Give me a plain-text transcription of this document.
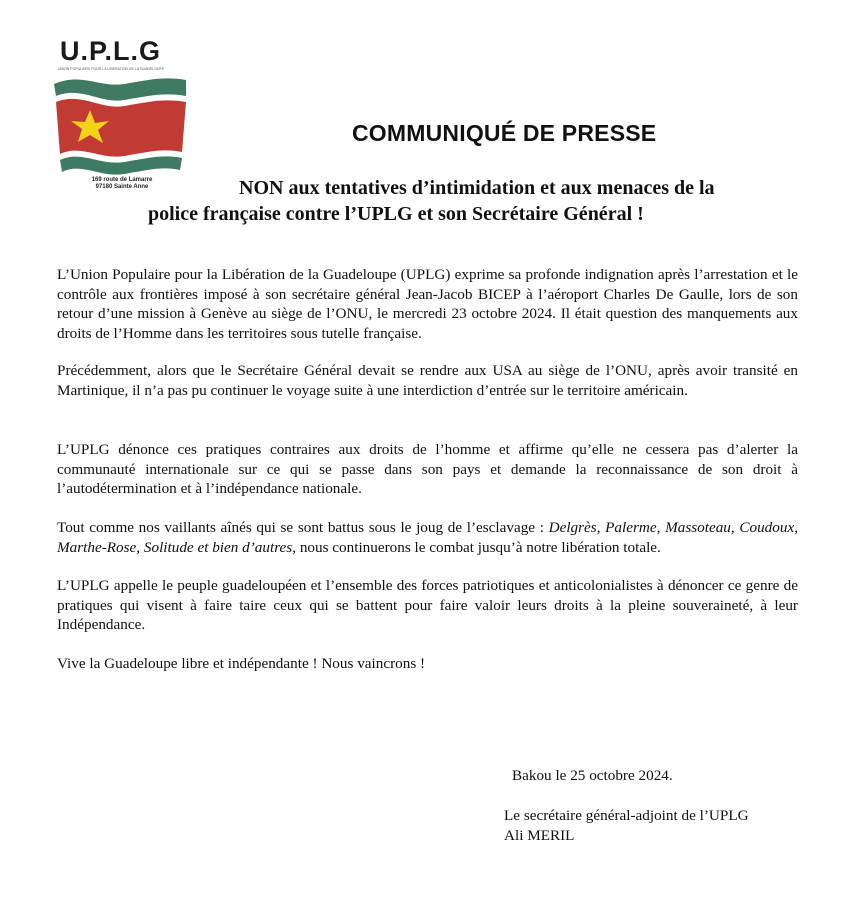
U.P.L.G
UNION POPULAIRE POUR LA LIBÉRATION DE LA GUADELOUPE
169 route de Lamarre
97180 Sainte Anne
COMMUNIQUÉ DE PRESSE
NON aux tentatives d’intimidation et aux menaces de la
police française contre l’UPLG et son Secrétaire Général !

L’Union Populaire pour la Libération de la Guadeloupe (UPLG) exprime sa profonde indignation après l’arrestation et le contrôle aux frontières imposé à son secrétaire général Jean-Jacob BICEP à l’aéroport Charles De Gaulle, lors de son retour d’une mission à Genève au siège de l’ONU, le mercredi 23 octobre 2024. Il était question des manquements aux droits de l’Homme dans les territoires sous tutelle française.

Précédemment, alors que le Secrétaire Général devait se rendre aux USA au siège de l’ONU, après avoir transité en Martinique, il n’a pas pu continuer le voyage suite à une interdiction d’entrée sur le territoire américain.

L’UPLG dénonce ces pratiques contraires aux droits de l’homme et affirme qu’elle ne cessera pas d’alerter la communauté internationale sur ce qui se passe dans son pays et demande la reconnaissance de son droit à l’autodétermination et à l’indépendance nationale.

Tout comme nos vaillants aînés qui se sont battus sous le joug de l’esclavage : Delgrès, Palerme, Massoteau, Coudoux, Marthe-Rose, Solitude et bien d’autres, nous continuerons le combat jusqu’à notre libération totale.

L’UPLG appelle le peuple guadeloupéen et l’ensemble des forces patriotiques et anticolonialistes à dénoncer ce genre de pratiques qui visent à faire taire ceux qui se battent pour faire valoir leurs droits à la pleine souveraineté, à leur Indépendance.

Vive la Guadeloupe libre et indépendante ! Nous vaincrons !

Bakou le 25 octobre 2024.
Le secrétaire général-adjoint de l’UPLG
Ali MERIL
